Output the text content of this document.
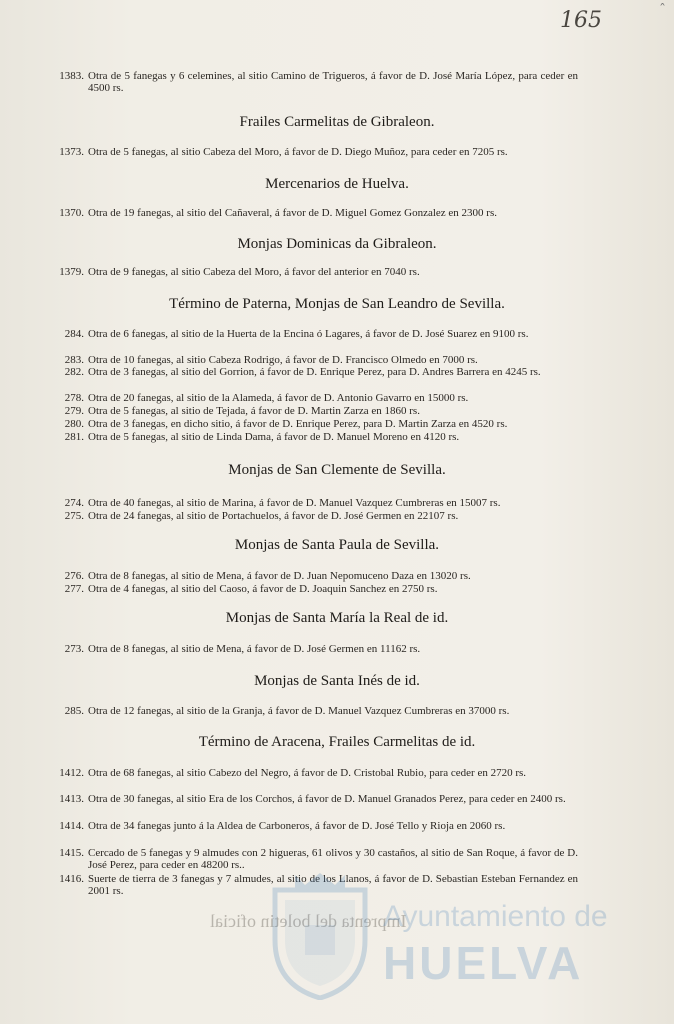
165	ˆ
1383. Otra de 5 fanegas y 6 celemines, al sitio Camino de Trigueros, á favor de D. José María López, para ceder en 4500 rs.
Frailes Carmelitas de Gibraleon.
1373. Otra de 5 fanegas, al sitio Cabeza del Moro, á favor de D. Diego Muñoz, para ceder en 7205 rs.
Mercenarios de Huelva.
1370. Otra de 19 fanegas, al sitio del Cañaveral, á favor de D. Miguel Gomez Gonzalez en 2300 rs.
Monjas Dominicas da Gibraleon.
1379. Otra de 9 fanegas, al sitio Cabeza del Moro, á favor del anterior en 7040 rs.
Término de Paterna, Monjas de San Leandro de Sevilla.
284. Otra de 6 fanegas, al sitio de la Huerta de la Encina ó Lagares, á favor de D. José Suarez en 9100 rs.
283. Otra de 10 fanegas, al sitio Cabeza Rodrigo, á favor de D. Francisco Olmedo en 7000 rs.
282. Otra de 3 fanegas, al sitio del Gorrion, á favor de D. Enrique Perez, para D. Andres Barrera en 4245 rs.
278. Otra de 20 fanegas, al sitio de la Alameda, á favor de D. Antonio Gavarro en 15000 rs.
279. Otra de 5 fanegas, al sitio de Tejada, á favor de D. Martin Zarza en 1860 rs.
280. Otra de 3 fanegas, en dicho sitio, á favor de D. Enrique Perez, para D. Martin Zarza en 4520 rs.
281. Otra de 5 fanegas, al sitio de Linda Dama, á favor de D. Manuel Moreno en 4120 rs.
Monjas de San Clemente de Sevilla.
274. Otra de 40 fanegas, al sitio de Marina, á favor de D. Manuel Vazquez Cumbreras en 15007 rs.
275. Otra de 24 fanegas, al sitio de Portachuelos, á favor de D. José Germen en 22107 rs.
Monjas de Santa Paula de Sevilla.
276. Otra de 8 fanegas, al sitio de Mena, á favor de D. Juan Nepomuceno Daza en 13020 rs.
277. Otra de 4 fanegas, al sitio del Caoso, á favor de D. Joaquin Sanchez en 2750 rs.
Monjas de Santa María la Real de id.
273. Otra de 8 fanegas, al sitio de Mena, á favor de D. José Germen en 11162 rs.
Monjas de Santa Inés de id.
285. Otra de 12 fanegas, al sitio de la Granja, á favor de D. Manuel Vazquez Cumbreras en 37000 rs.
Término de Aracena, Frailes Carmelitas de id.
1412. Otra de 68 fanegas, al sitio Cabezo del Negro, á favor de D. Cristobal Rubio, para ceder en 2720 rs.
1413. Otra de 30 fanegas, al sitio Era de los Corchos, á favor de D. Manuel Granados Perez, para ceder en 2400 rs.
1414. Otra de 34 fanegas junto á la Aldea de Carboneros, á favor de D. José Tello y Rioja en 2060 rs.
1415. Cercado de 5 fanegas y 9 almudes con 2 higueras, 61 olivos y 30 castaños, al sitio de San Roque, á favor de D. José Perez, para ceder en 48200 rs..
1416. Suerte de tierra de 3 fanegas y 7 almudes, al sitio de los Llanos, á favor de D. Sebastian Esteban Fernandez en 2001 rs.
Imprenta del boletin oficial
Ayuntamiento de
HUELVA
